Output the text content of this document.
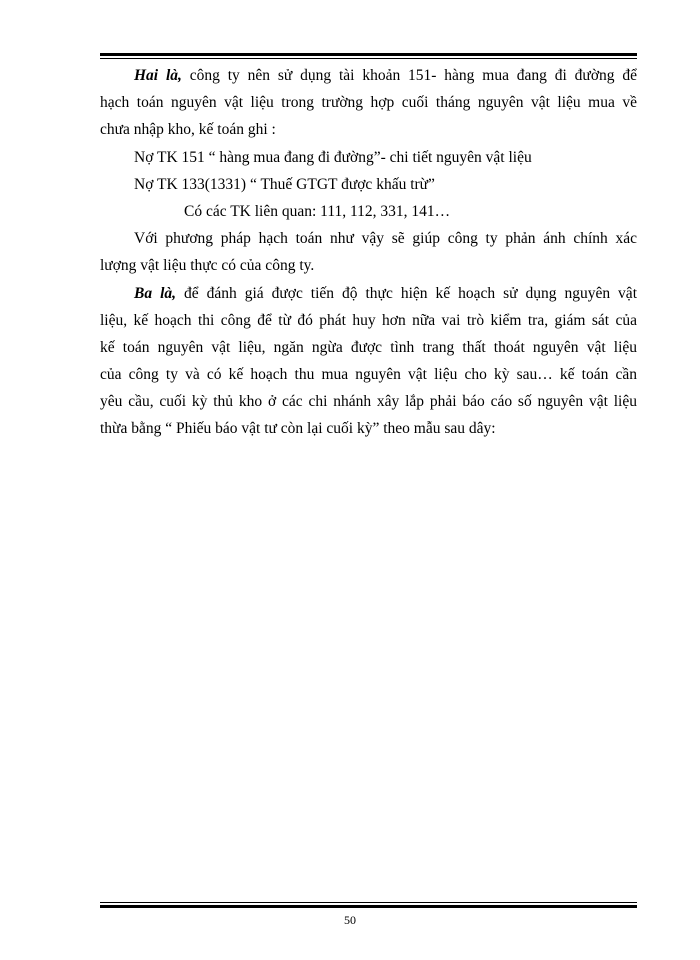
Hai là, công ty nên sử dụng tài khoản 151- hàng mua đang đi đường để
hạch toán nguyên vật liệu trong trường hợp cuối tháng nguyên vật liệu mua về
chưa nhập kho, kế toán ghi :
Nợ TK 151 “ hàng mua đang đi đường”- chi tiết nguyên vật liệu
Nợ TK 133(1331) “ Thuế GTGT được khấu trừ”
Có các TK liên quan: 111, 112, 331, 141…
Với phương pháp hạch toán như vậy sẽ giúp công ty phản ánh chính xác
lượng vật liệu thực có của công ty.
Ba là, để đánh giá được tiến độ thực hiện kế hoạch sử dụng nguyên vật
liệu, kế hoạch thi công để từ đó phát huy hơn nữa vai trò kiểm tra, giám sát của
kế toán nguyên vật liệu, ngăn ngừa được tình trang thất thoát nguyên vật liệu
của công ty và có kế hoạch thu mua nguyên vật liệu cho kỳ sau… kế toán cần
yêu cầu, cuối kỳ thủ kho ở các chi nhánh xây lắp phải báo cáo số nguyên vật liệu
thừa bằng “ Phiếu báo vật tư còn lại cuối kỳ” theo mẫu sau dây:
50
